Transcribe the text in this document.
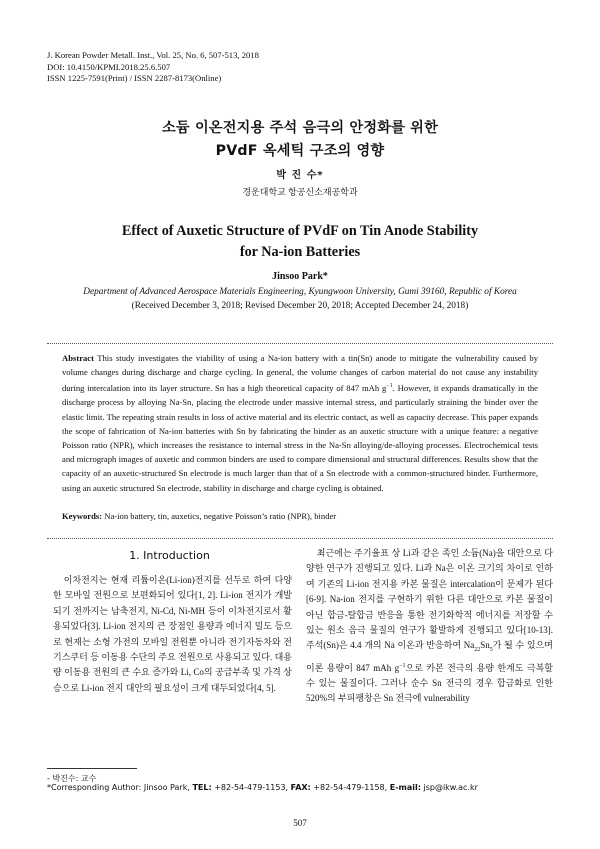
J. Korean Powder Metall. Inst., Vol. 25, No. 6, 507-513, 2018
DOI: 10.4150/KPMI.2018.25.6.507
ISSN 1225-7591(Print) / ISSN 2287-8173(Online)
소듐 이온전지용 주석 음극의 안정화를 위한
PVdF 옥세틱 구조의 영향
박 진 수*
경운대학교 항공신소재공학과
Effect of Auxetic Structure of PVdF on Tin Anode Stability
for Na-ion Batteries
Jinsoo Park*
Department of Advanced Aerospace Materials Engineering, Kyungwoon University, Gumi 39160, Republic of Korea
(Received December 3, 2018; Revised December 20, 2018; Accepted December 24, 2018)
Abstract This study investigates the viability of using a Na-ion battery with a tin(Sn) anode to mitigate the vulnerability caused by volume changes during discharge and charge cycling. In general, the volume changes of carbon material do not cause any instability during intercalation into its layer structure. Sn has a high theoretical capacity of 847 mAh $g^{-1}$. However, it expands dramatically in the discharge process by alloying Na-Sn, placing the electrode under massive internal stress, and particularly straining the binder over the elastic limit. The repeating strain results in loss of active material and its electric contact, as well as capacity decrease. This paper expands the scope of fabrication of Na-ion batteries with Sn by fabricating the binder as an auxetic structure with a unique feature: a negative Poisson ratio (NPR), which increases the resistance to internal stress in the Na-Sn alloying/de-alloying processes. Electrochemical tests and micrograph images of auxetic and common binders are used to compare dimensional and structural differences. Results show that the capacity of an auxetic-structured Sn electrode is much larger than that of a Sn electrode with a common-structured binder. Furthermore, using an auxetic structured Sn electrode, stability in discharge and charge cycling is obtained.
Keywords: Na-ion battery, tin, auxetics, negative Poisson’s ratio (NPR), binder
1. Introduction
이차전지는 현재 리튬이온(Li-ion)전지를 선두로 하여 다양한 모바일 전원으로 보편화되어 있다[1, 2]. Li-ion 전지가 개발되기 전까지는 납축전지, Ni-Cd, Ni-MH 등이 이차전지로서 활용되었다[3]. Li-ion 전지의 큰 장점인 용량과 에너지 밀도 등으로 현재는 소형 가전의 모바일 전원뿐 아니라 전기자동차와 전기스쿠터 등 이동용 수단의 주요 전원으로 사용되고 있다. 대용량 이동용 전원의 큰 수요 증가와 Li, Co의 공급부족 및 가격 상승으로 Li-ion 전지 대안의 필요성이 크게 대두되었다[4, 5].
최근에는 주기율표 상 Li과 같은 족인 소듐(Na)을 대안으로 다양한 연구가 진행되고 있다. Li과 Na은 이온 크기의 차이로 인하여 기존의 Li-ion 전지용 카본 물질은 intercalation이 문제가 된다[6-9]. Na-ion 전지를 구현하기 위한 다른 대안으로 카본 물질이 아닌 합금-탈합금 반응을 통한 전기화학적 에너지를 저장할 수 있는 원소 음극 물질의 연구가 활발하게 진행되고 있다[10-13]. 주석(Sn)은 4.4 개의 Na 이온과 반응하여 $Na_{22}Sn_5$가 될 수 있으며 이론 용량이 847 mAh $g^{-1}$으로 카본 전극의 용량 한계도 극복할 수 있는 물질이다. 그러나 순수 Sn 전극의 경우 합금화로 인한 520%의 부피팽창은 Sn 전극에 vulnerability
- 박진수: 교수
*Corresponding Author: Jinsoo Park, TEL: +82-54-479-1153, FAX: +82-54-479-1158, E-mail: jsp@ikw.ac.kr
507
